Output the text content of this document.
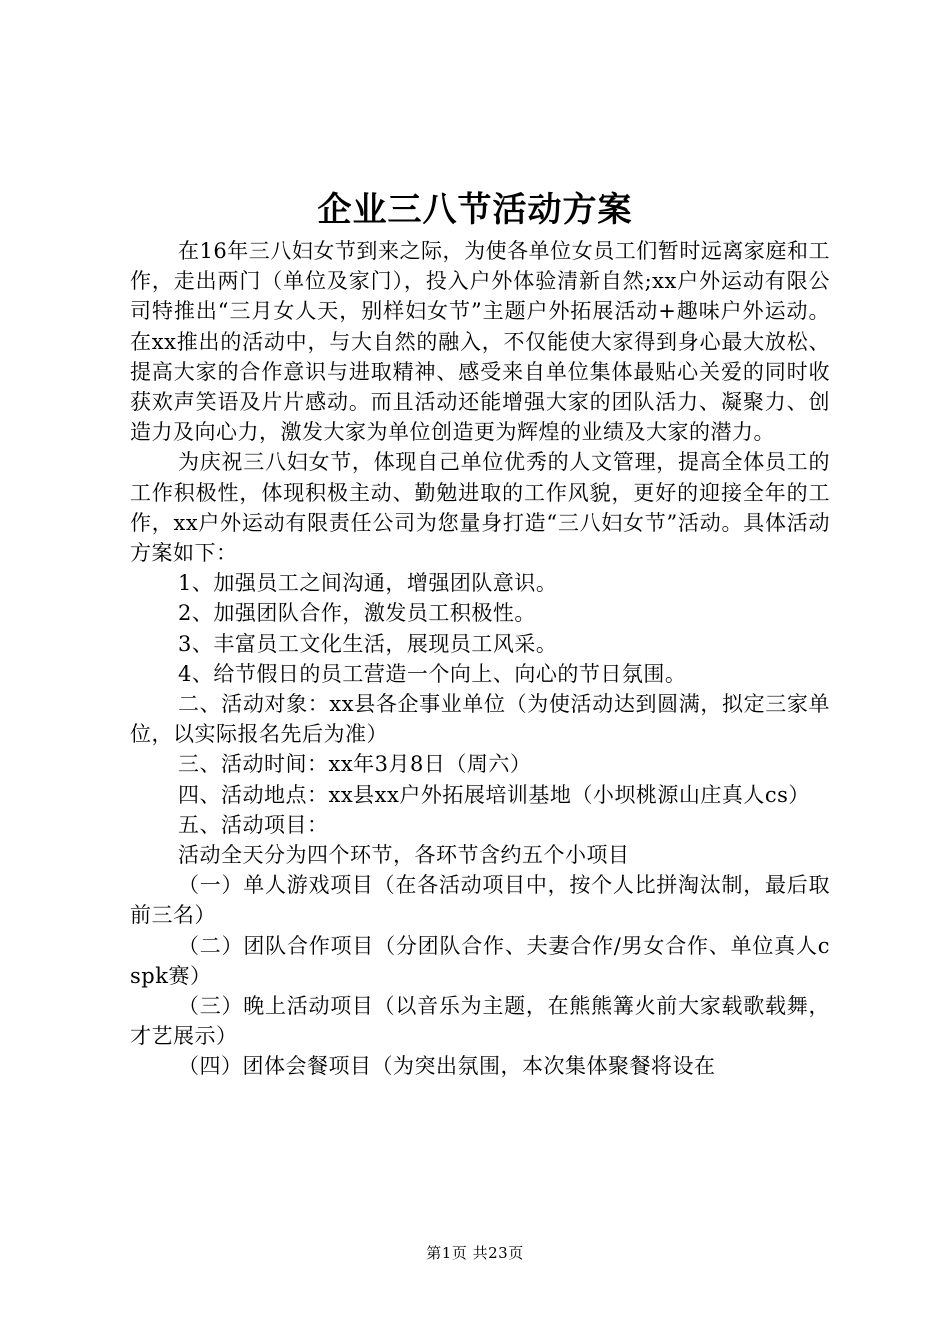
企业三八节活动方案

在16年三八妇女节到来之际，为使各单位女员工们暂时远离家庭和工作，走出两门（单位及家门），投入户外体验清新自然;xx户外运动有限公司特推出“三月女人天，别样妇女节”主题户外拓展活动+趣味户外运动。在xx推出的活动中，与大自然的融入，不仅能使大家得到身心最大放松、提高大家的合作意识与进取精神、感受来自单位集体最贴心关爱的同时收获欢声笑语及片片感动。而且活动还能增强大家的团队活力、凝聚力、创造力及向心力，激发大家为单位创造更为辉煌的业绩及大家的潜力。

为庆祝三八妇女节，体现自己单位优秀的人文管理，提高全体员工的工作积极性，体现积极主动、勤勉进取的工作风貌，更好的迎接全年的工作，xx户外运动有限责任公司为您量身打造“三八妇女节”活动。具体活动方案如下：

1、加强员工之间沟通，增强团队意识。

2、加强团队合作，激发员工积极性。

3、丰富员工文化生活，展现员工风采。

4、给节假日的员工营造一个向上、向心的节日氛围。

二、活动对象：xx县各企事业单位（为使活动达到圆满，拟定三家单位，以实际报名先后为准）

三、活动时间：xx年3月8日（周六）

四、活动地点：xx县xx户外拓展培训基地（小坝桃源山庄真人cs）

五、活动项目：

活动全天分为四个环节，各环节含约五个小项目

（一）单人游戏项目（在各活动项目中，按个人比拼淘汰制，最后取前三名）

（二）团队合作项目（分团队合作、夫妻合作/男女合作、单位真人cspk赛）

（三）晚上活动项目（以音乐为主题，在熊熊篝火前大家载歌载舞，才艺展示）

（四）团体会餐项目（为突出氛围，本次集体聚餐将设在

第1页 共23页
